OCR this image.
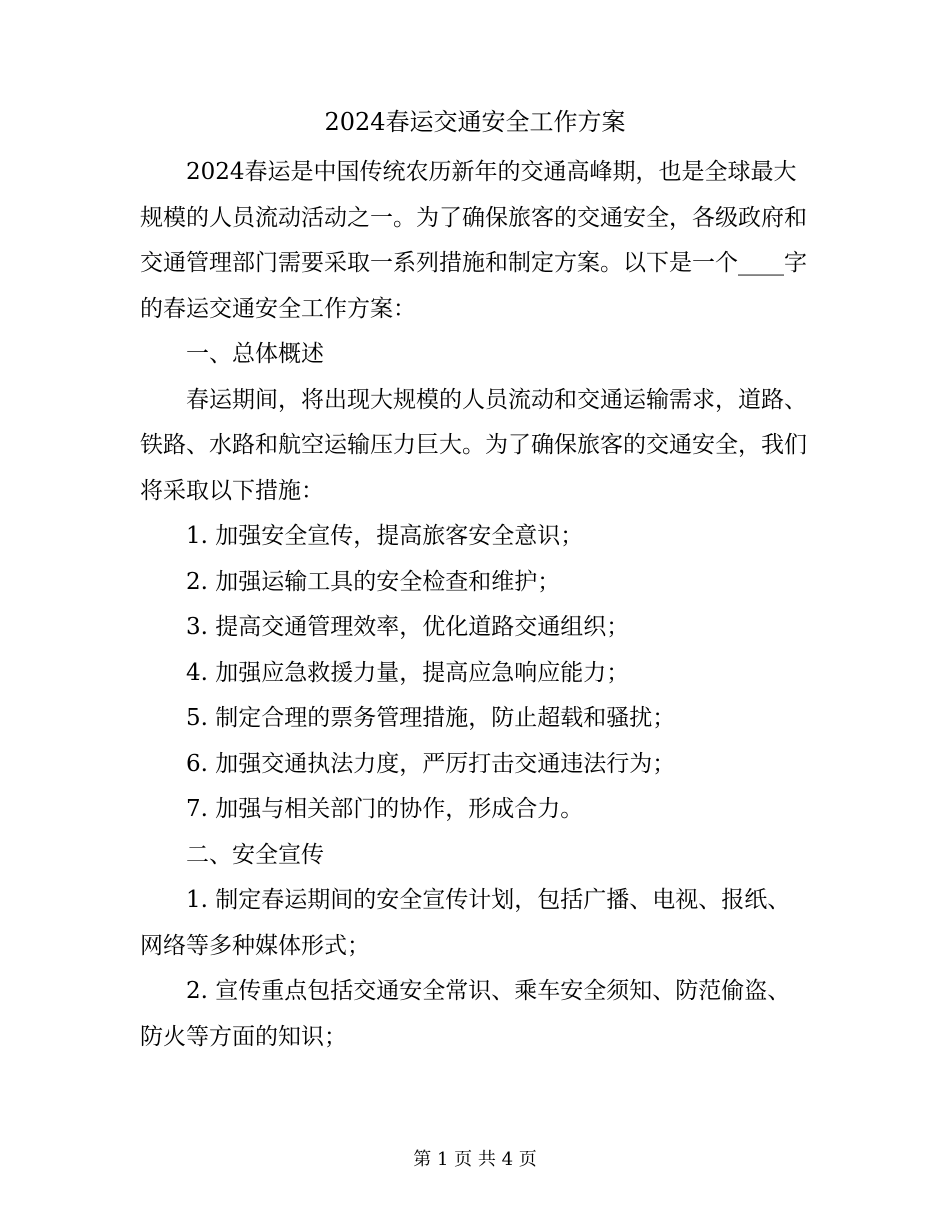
2024春运交通安全工作方案

2024春运是中国传统农历新年的交通高峰期，也是全球最大规模的人员流动活动之一。为了确保旅客的交通安全，各级政府和交通管理部门需要采取一系列措施和制定方案。以下是一个____字的春运交通安全工作方案：

一、总体概述

春运期间，将出现大规模的人员流动和交通运输需求，道路、铁路、水路和航空运输压力巨大。为了确保旅客的交通安全，我们将采取以下措施：

1. 加强安全宣传，提高旅客安全意识；

2. 加强运输工具的安全检查和维护；

3. 提高交通管理效率，优化道路交通组织；

4. 加强应急救援力量，提高应急响应能力；

5. 制定合理的票务管理措施，防止超载和骚扰；

6. 加强交通执法力度，严厉打击交通违法行为；

7. 加强与相关部门的协作，形成合力。

二、安全宣传

1. 制定春运期间的安全宣传计划，包括广播、电视、报纸、网络等多种媒体形式；

2. 宣传重点包括交通安全常识、乘车安全须知、防范偷盗、防火等方面的知识；

第 1 页 共 4 页
